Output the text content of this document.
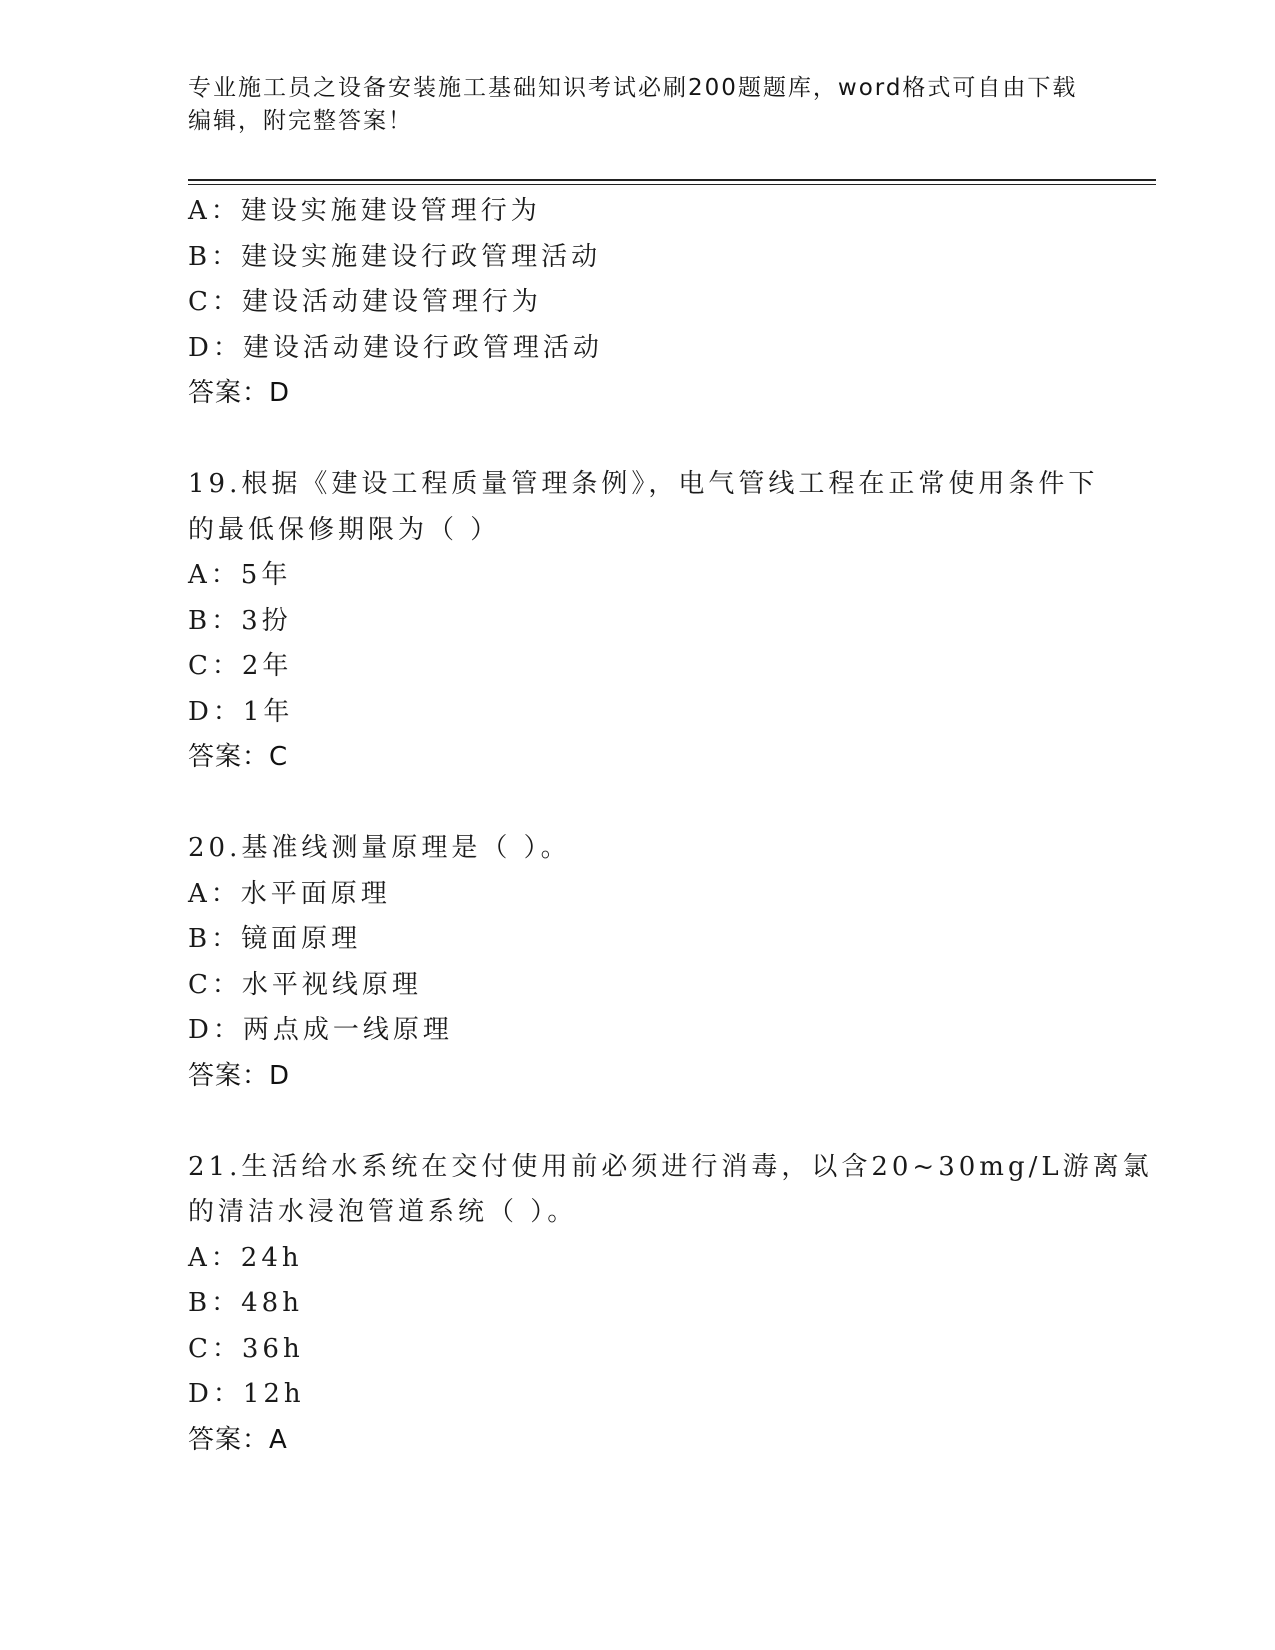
专业施工员之设备安装施工基础知识考试必刷200题题库，word格式可自由下载
编辑，附完整答案！
A：建设实施建设管理行为
B：建设实施建设行政管理活动
C：建设活动建设管理行为
D：建设活动建设行政管理活动
答案：D
19.根据《建设工程质量管理条例》，电气管线工程在正常使用条件下
的最低保修期限为（ ）
A：5年
B：3扮
C：2年
D：1年
答案：C
20.基准线测量原理是（ ）。
A：水平面原理
B：镜面原理
C：水平视线原理
D：两点成一线原理
答案：D
21.生活给水系统在交付使用前必须进行消毒，以含20~30mg/L游离氯
的清洁水浸泡管道系统（ ）。
A：24h
B：48h
C：36h
D：12h
答案：A
